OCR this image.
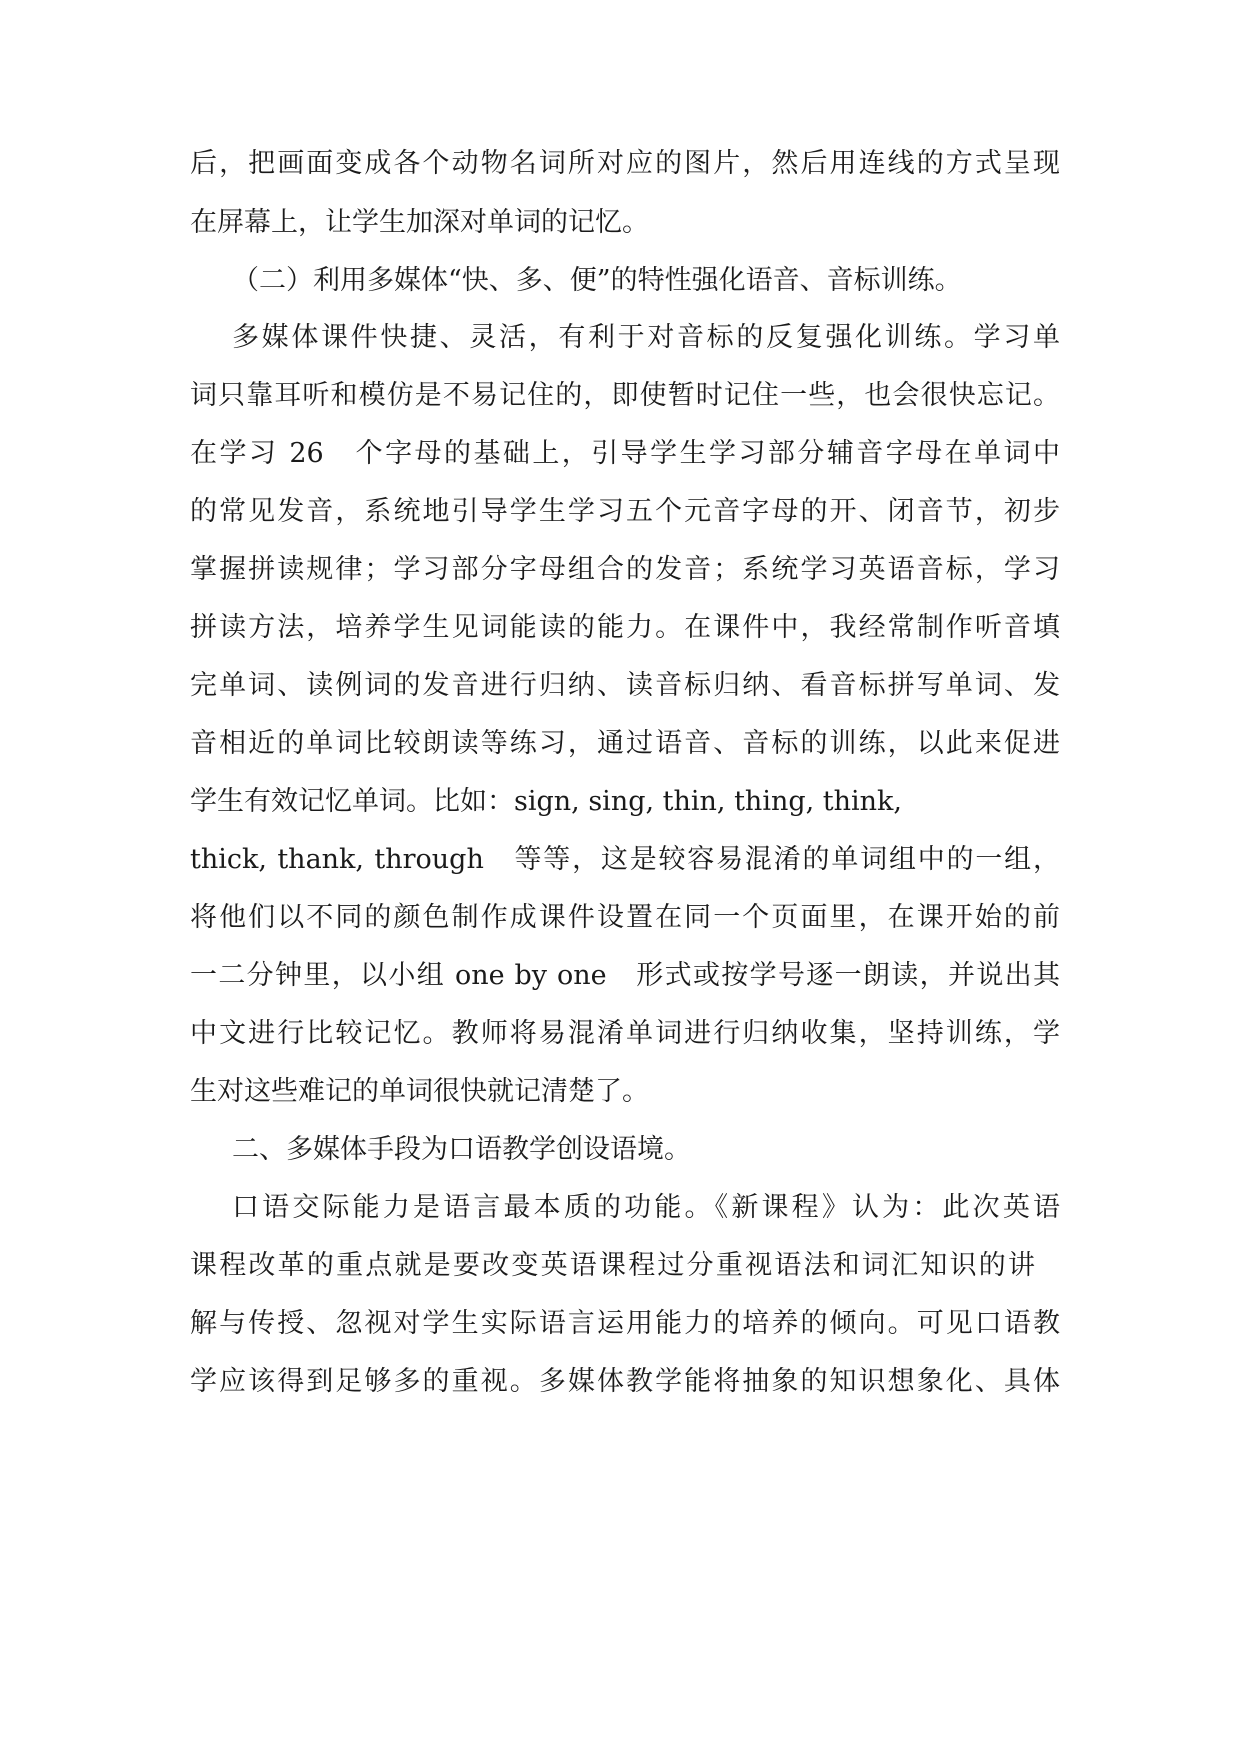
后，把画面变成各个动物名词所对应的图片，然后用连线的方式呈现
在屏幕上，让学生加深对单词的记忆。
（二）利用多媒体“快、多、便”的特性强化语音、音标训练。
多媒体课件快捷、灵活，有利于对音标的反复强化训练。学习单
词只靠耳听和模仿是不易记住的，即使暂时记住一些，也会很快忘记。
在学习 26　个字母的基础上，引导学生学习部分辅音字母在单词中
的常见发音，系统地引导学生学习五个元音字母的开、闭音节，初步
掌握拼读规律；学习部分字母组合的发音；系统学习英语音标，学习
拼读方法，培养学生见词能读的能力。在课件中，我经常制作听音填
完单词、读例词的发音进行归纳、读音标归纳、看音标拼写单词、发
音相近的单词比较朗读等练习，通过语音、音标的训练，以此来促进
学生有效记忆单词。比如：sign, sing, thin, thing, think,
thick, thank, through　等等，这是较容易混淆的单词组中的一组，
将他们以不同的颜色制作成课件设置在同一个页面里，在课开始的前
一二分钟里，以小组 one by one　形式或按学号逐一朗读，并说出其
中文进行比较记忆。教师将易混淆单词进行归纳收集，坚持训练，学
生对这些难记的单词很快就记清楚了。
二、多媒体手段为口语教学创设语境。
口语交际能力是语言最本质的功能。《新课程》认为：此次英语
课程改革的重点就是要改变英语课程过分重视语法和词汇知识的讲
解与传授、忽视对学生实际语言运用能力的培养的倾向。可见口语教
学应该得到足够多的重视。多媒体教学能将抽象的知识想象化、具体
